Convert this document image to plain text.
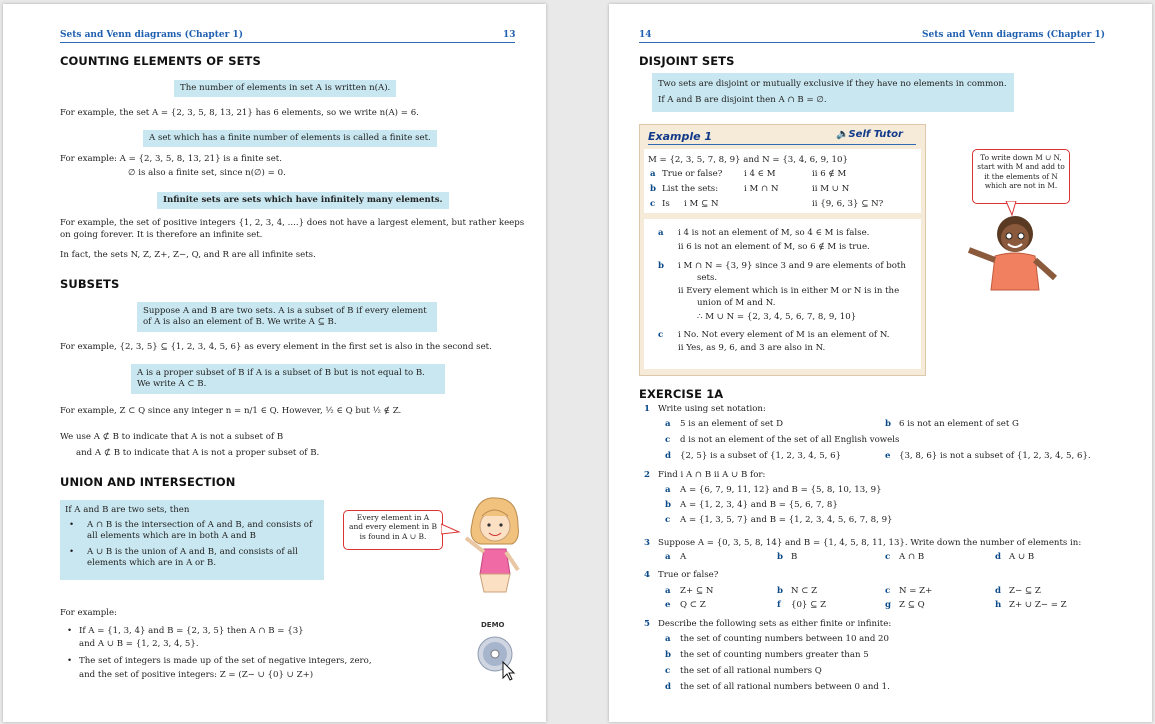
Sets and Venn diagrams (Chapter 1)	13
COUNTING ELEMENTS OF SETS
The number of elements in set A is written n(A).
For example, the set A = {2, 3, 5, 8, 13, 21} has 6 elements, so we write n(A) = 6.
A set which has a finite number of elements is called a finite set.
For example: A = {2, 3, 5, 8, 13, 21} is a finite set.
∅ is also a finite set, since n(∅) = 0.
Infinite sets are sets which have infinitely many elements.
For example, the set of positive integers {1, 2, 3, 4, ....} does not have a largest element, but rather keeps
on going forever. It is therefore an infinite set.
In fact, the sets N, Z, Z+, Z−, Q, and R are all infinite sets.
SUBSETS
Suppose A and B are two sets. A is a subset of B if every element
of A is also an element of B. We write A ⊆ B.
For example, {2, 3, 5} ⊆ {1, 2, 3, 4, 5, 6} as every element in the first set is also in the second set.
A is a proper subset of B if A is a subset of B but is not equal to B.
We write A ⊂ B.
For example, Z ⊂ Q since any integer n = n/1 ∈ Q. However, ½ ∈ Q but ½ ∉ Z.
We use A ⊄ B to indicate that A is not a subset of B
and A ⊄ B to indicate that A is not a proper subset of B.
UNION AND INTERSECTION
If A and B are two sets, then
• A ∩ B is the intersection of A and B, and consists of
all elements which are in both A and B
• A ∪ B is the union of A and B, and consists of all
elements which are in A or B.
Every element in A
and every element in B
is found in A ∪ B.
For example:
• If A = {1, 3, 4} and B = {2, 3, 5} then A ∩ B = {3}
and A ∪ B = {1, 2, 3, 4, 5}.
• The set of integers is made up of the set of negative integers, zero,
and the set of positive integers: Z = (Z− ∪ {0} ∪ Z+)
DEMO
14	Sets and Venn diagrams (Chapter 1)
DISJOINT SETS
Two sets are disjoint or mutually exclusive if they have no elements in common.
If A and B are disjoint then A ∩ B = ∅.
Example 1	🔈Self Tutor
M = {2, 3, 5, 7, 8, 9} and N = {3, 4, 6, 9, 10}
a True or false?	i 4 ∈ M	ii 6 ∉ M
b List the sets:	i M ∩ N	ii M ∪ N
c Is i M ⊆ N	ii {9, 6, 3} ⊆ N?
a i 4 is not an element of M, so 4 ∈ M is false.
ii 6 is not an element of M, so 6 ∉ M is true.
b i M ∩ N = {3, 9} since 3 and 9 are elements of both
sets.
ii Every element which is in either M or N is in the
union of M and N.
∴ M ∪ N = {2, 3, 4, 5, 6, 7, 8, 9, 10}
c i No. Not every element of M is an element of N.
ii Yes, as 9, 6, and 3 are also in N.
To write down M ∪ N,
start with M and add to
it the elements of N
which are not in M.
EXERCISE 1A
1 Write using set notation:
a 5 is an element of set D	b 6 is not an element of set G
c d is not an element of the set of all English vowels
d {2, 5} is a subset of {1, 2, 3, 4, 5, 6}	e {3, 8, 6} is not a subset of {1, 2, 3, 4, 5, 6}.
2 Find i A ∩ B ii A ∪ B for:
a A = {6, 7, 9, 11, 12} and B = {5, 8, 10, 13, 9}
b A = {1, 2, 3, 4} and B = {5, 6, 7, 8}
c A = {1, 3, 5, 7} and B = {1, 2, 3, 4, 5, 6, 7, 8, 9}
3 Suppose A = {0, 3, 5, 8, 14} and B = {1, 4, 5, 8, 11, 13}. Write down the number of elements in:
a A	b B	c A ∩ B	d A ∪ B
4 True or false?
a Z+ ⊆ N	b N ⊂ Z	c N = Z+	d Z− ⊆ Z
e Q ⊂ Z	f {0} ⊆ Z	g Z ⊆ Q	h Z+ ∪ Z− = Z
5 Describe the following sets as either finite or infinite:
a the set of counting numbers between 10 and 20
b the set of counting numbers greater than 5
c the set of all rational numbers Q
d the set of all rational numbers between 0 and 1.
